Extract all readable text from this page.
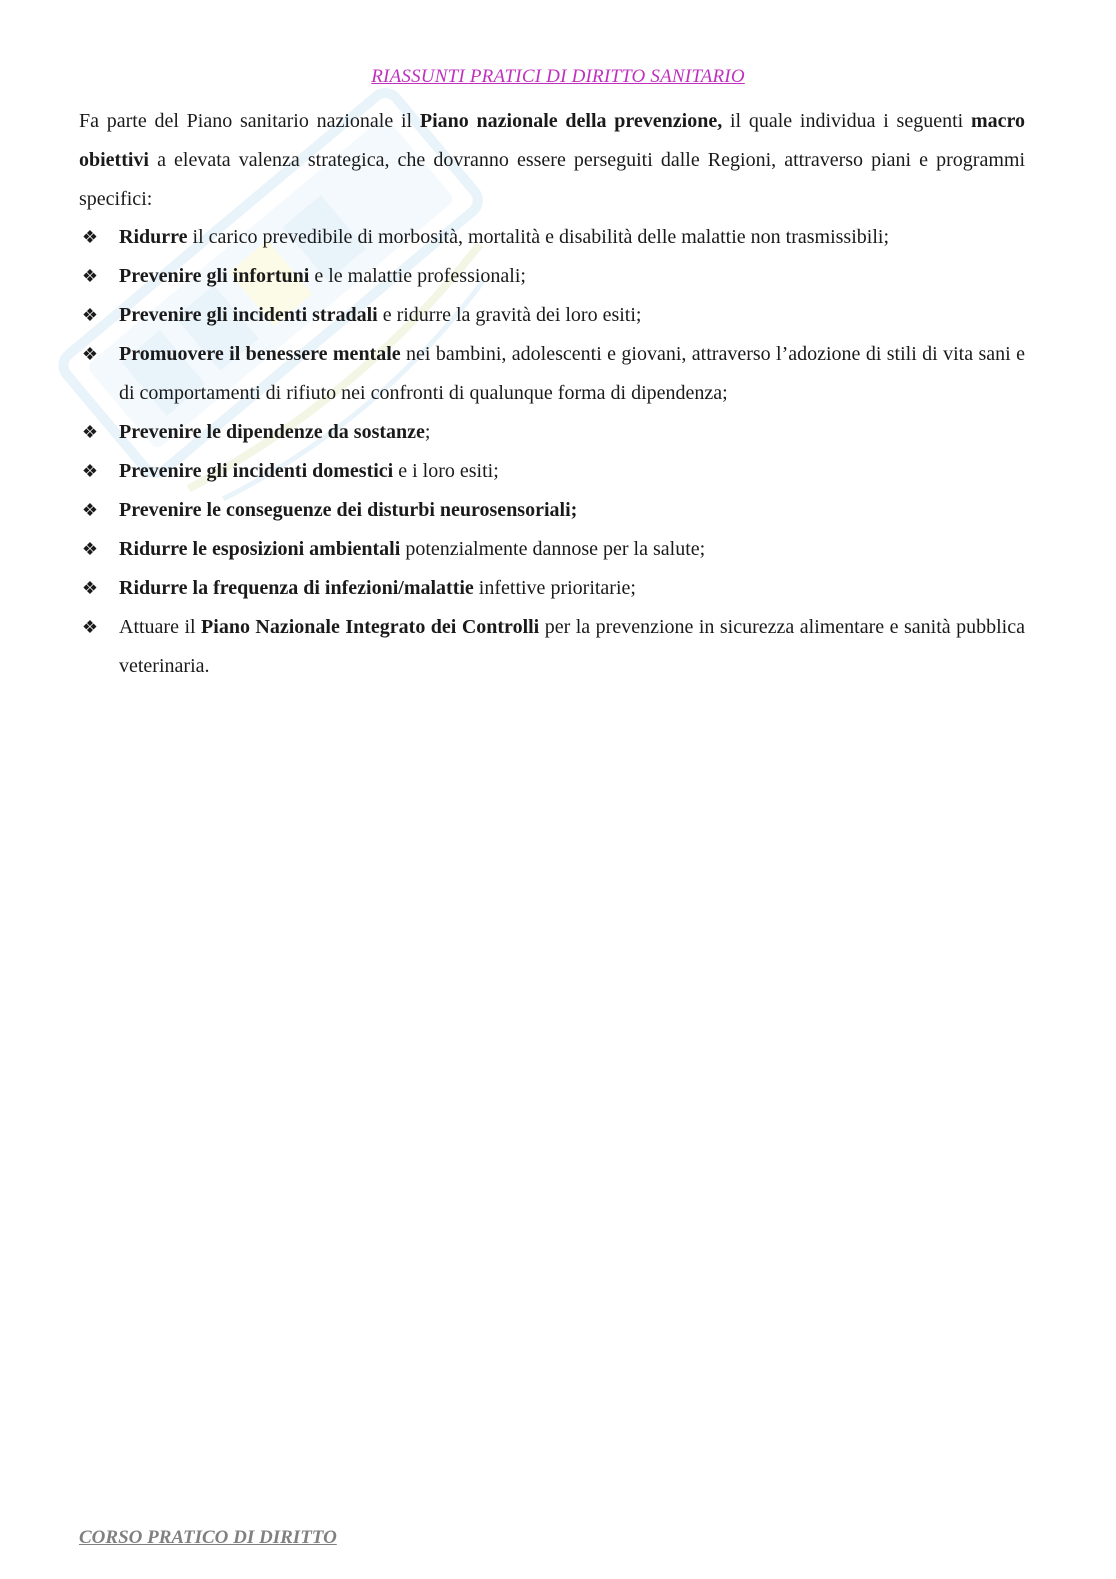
RIASSUNTI PRATICI DI DIRITTO SANITARIO

Fa parte del Piano sanitario nazionale il Piano nazionale della prevenzione, il quale individua i seguenti macro obiettivi a elevata valenza strategica, che dovranno essere perseguiti dalle Regioni, attraverso piani e programmi specifici:

❖ Ridurre il carico prevedibile di morbosità, mortalità e disabilità delle malattie non trasmissibili;
❖ Prevenire gli infortuni e le malattie professionali;
❖ Prevenire gli incidenti stradali e ridurre la gravità dei loro esiti;
❖ Promuovere il benessere mentale nei bambini, adolescenti e giovani, attraverso l’adozione di stili di vita sani e di comportamenti di rifiuto nei confronti di qualunque forma di dipendenza;
❖ Prevenire le dipendenze da sostanze;
❖ Prevenire gli incidenti domestici e i loro esiti;
❖ Prevenire le conseguenze dei disturbi neurosensoriali;
❖ Ridurre le esposizioni ambientali potenzialmente dannose per la salute;
❖ Ridurre la frequenza di infezioni/malattie infettive prioritarie;
❖ Attuare il Piano Nazionale Integrato dei Controlli per la prevenzione in sicurezza alimentare e sanità pubblica veterinaria.
CORSO PRATICO DI DIRITTO
